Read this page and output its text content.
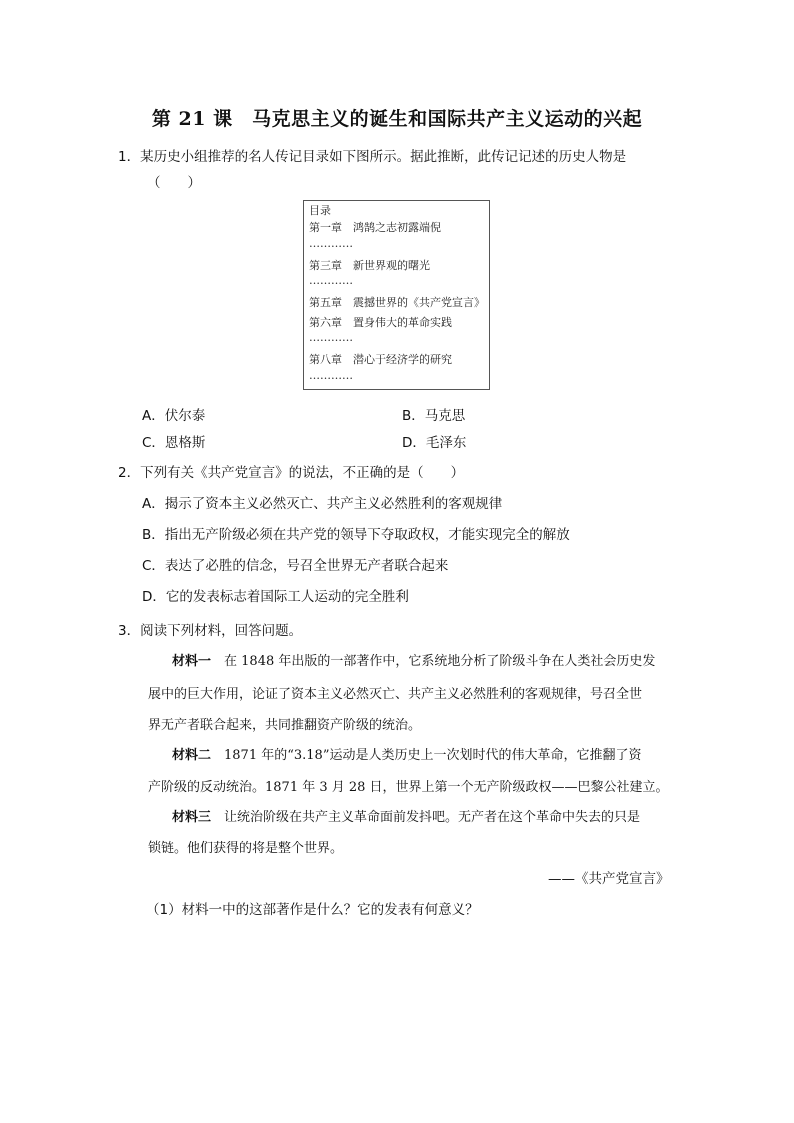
第 21 课　马克思主义的诞生和国际共产主义运动的兴起
1．某历史小组推荐的名人传记目录如下图所示。据此推断，此传记记述的历史人物是
（　　）
目录
第一章　鸿鹄之志初露端倪
…………
第三章　新世界观的曙光
…………
第五章　震撼世界的《共产党宣言》
第六章　置身伟大的革命实践
…………
第八章　潜心于经济学的研究
…………
A．伏尔泰	B．马克思
C．恩格斯	D．毛泽东
2．下列有关《共产党宣言》的说法，不正确的是（　　）
A．揭示了资本主义必然灭亡、共产主义必然胜利的客观规律
B．指出无产阶级必须在共产党的领导下夺取政权，才能实现完全的解放
C．表达了必胜的信念，号召全世界无产者联合起来
D．它的发表标志着国际工人运动的完全胜利
3．阅读下列材料，回答问题。
材料一　在 1848 年出版的一部著作中，它系统地分析了阶级斗争在人类社会历史发
展中的巨大作用，论证了资本主义必然灭亡、共产主义必然胜利的客观规律，号召全世
界无产者联合起来，共同推翻资产阶级的统治。
材料二　1871 年的“3.18”运动是人类历史上一次划时代的伟大革命，它推翻了资
产阶级的反动统治。1871 年 3 月 28 日，世界上第一个无产阶级政权——巴黎公社建立。
材料三　让统治阶级在共产主义革命面前发抖吧。无产者在这个革命中失去的只是
锁链。他们获得的将是整个世界。
——《共产党宣言》
（1）材料一中的这部著作是什么？它的发表有何意义？
